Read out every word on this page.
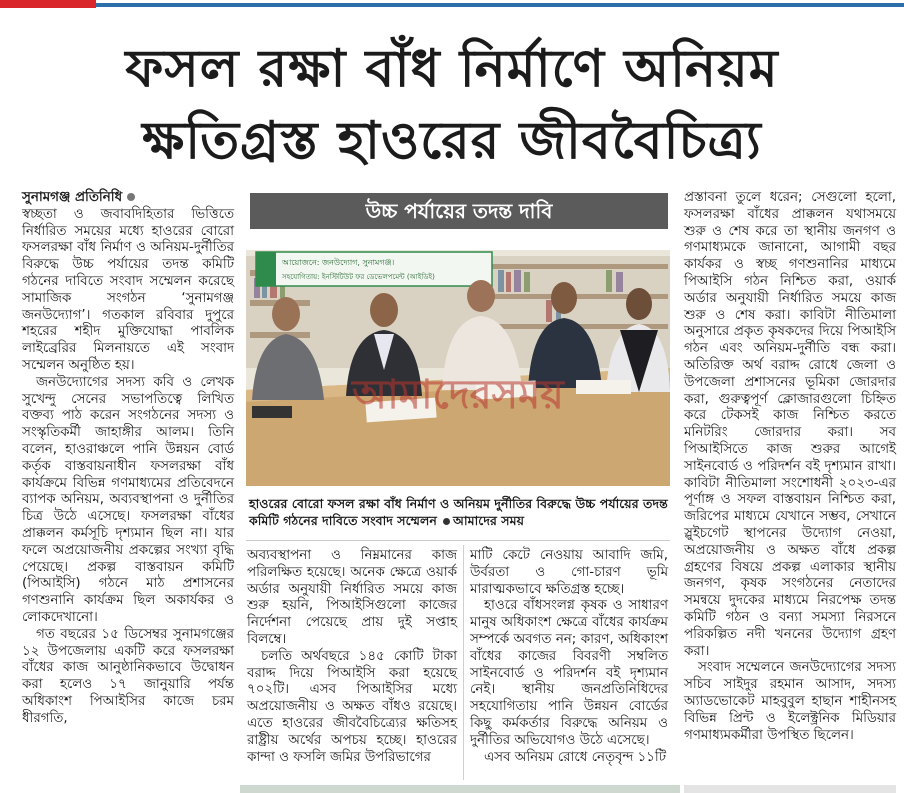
ফসল রক্ষা বাঁধ নির্মাণে অনিয়ম
ক্ষতিগ্রস্ত হাওরের জীববৈচিত্র্য

সুনামগঞ্জ প্রতিনিধি

স্বচ্ছতা ও জবাবদিহিতার ভিত্তিতে নির্ধারিত সময়ের মধ্যে হাওরের বোরো ফসলরক্ষা বাঁধ নির্মাণ ও অনিয়ম-দুর্নীতির বিরুদ্ধে উচ্চ পর্যায়ের তদন্ত কমিটি গঠনের দাবিতে সংবাদ সম্মেলন করেছে সামাজিক সংগঠন ‘সুনামগঞ্জ জনউদ্যোগ’। গতকাল রবিবার দুপুরে শহরের শহীদ মুক্তিযোদ্ধা পাবলিক লাইব্রেরির মিলনায়তে এই সংবাদ সম্মেলন অনুষ্ঠিত হয়।

জনউদ্যোগের সদস্য কবি ও লেখক সুখেন্দু সেনের সভাপতিত্বে লিখিত বক্তব্য পাঠ করেন সংগঠনের সদস্য ও সংস্কৃতিকর্মী জাহাঙ্গীর আলম। তিনি বলেন, হাওরাঞ্চলে পানি উন্নয়ন বোর্ড কর্তৃক বাস্তবায়নাধীন ফসলরক্ষা বাঁধ কার্যক্রমে বিভিন্ন গণমাধ্যমের প্রতিবেদনে ব্যাপক অনিয়ম, অব্যবস্থাপনা ও দুর্নীতির চিত্র উঠে এসেছে। ফসলরক্ষা বাঁধের প্রাক্কলন কর্মসূচি দৃশ্যমান ছিল না। যার ফলে অপ্রয়োজনীয় প্রকল্পের সংখ্যা বৃদ্ধি পেয়েছে। প্রকল্প বাস্তবায়ন কমিটি (পিআইসি) গঠনে মাঠ প্রশাসনের গণশুনানি কার্যক্রম ছিল অকার্যকর ও লোকদেখানো।

গত বছরের ১৫ ডিসেম্বর সুনামগঞ্জের ১২ উপজেলায় একটি করে ফসলরক্ষা বাঁধের কাজ আনুষ্ঠানিকভাবে উদ্বোধন করা হলেও ১৭ জানুয়ারি পর্যন্ত অধিকাংশ পিআইসির কাজে চরম ধীরগতি,

উচ্চ পর্যায়ের তদন্ত দাবি
আয়োজনে: জনউদ্যোগ, সুনামগঞ্জ।
সহযোগিতায়: ইনস্টিটিউট ফর ডেভেলপমেন্ট (আইডিই)
আমাদেরসময়
হাওরের বোরো ফসল রক্ষা বাঁধ নির্মাণ ও অনিয়ম দুর্নীতির বিরুদ্ধে উচ্চ পর্যায়ের তদন্ত কমিটি গঠনের দাবিতে সংবাদ সম্মেলন আমাদের সময়

অব্যবস্থাপনা ও নিম্নমানের কাজ পরিলক্ষিত হয়েছে। অনেক ক্ষেত্রে ওয়ার্ক অর্ডার অনুযায়ী নির্ধারিত সময়ে কাজ শুরু হয়নি, পিআইসিগুলো কাজের নির্দেশনা পেয়েছে প্রায় দুই সপ্তাহ বিলম্বে।

চলতি অর্থবছরে ১৪৫ কোটি টাকা বরাদ্দ দিয়ে পিআইসি করা হয়েছে ৭০২টি। এসব পিআইসির মধ্যে অপ্রয়োজনীয় ও অক্ষত বাঁধও রয়েছে। এতে হাওরের জীববৈচিত্র্যের ক্ষতিসহ রাষ্ট্রীয় অর্থের অপচয় হচ্ছে। হাওরের কান্দা ও ফসলি জমির উপরিভাগের

মাটি কেটে নেওয়ায় আবাদি জমি, উর্বরতা ও গো-চারণ ভূমি মারাত্মকভাবে ক্ষতিগ্রস্ত হচ্ছে।

হাওরে বাঁধসংলগ্ন কৃষক ও সাধারণ মানুষ অধিকাংশ ক্ষেত্রে বাঁধের কার্যক্রম সম্পর্কে অবগত নন; কারণ, অধিকাংশ বাঁধের কাজের বিবরণী সম্বলিত সাইনবোর্ড ও পরিদর্শন বই দৃশ্যমান নেই। স্থানীয় জনপ্রতিনিধিদের সহযোগিতায় পানি উন্নয়ন বোর্ডের কিছু কর্মকর্তার বিরুদ্ধে অনিয়ম ও দুর্নীতির অভিযোগও উঠে এসেছে।

এসব অনিয়ম রোধে নেতৃবৃন্দ ১১টি

প্রস্তাবনা তুলে ধরেন; সেগুলো হলো, ফসলরক্ষা বাঁধের প্রাক্কলন যথাসময়ে শুরু ও শেষ করে তা স্থানীয় জনগণ ও গণমাধ্যমকে জানানো, আগামী বছর কার্যকর ও স্বচ্ছ গণশুনানির মাধ্যমে পিআইসি গঠন নিশ্চিত করা, ওয়ার্ক অর্ডার অনুযায়ী নির্ধারিত সময়ে কাজ শুরু ও শেষ করা। কাবিটা নীতিমালা অনুসারে প্রকৃত কৃষকদের দিয়ে পিআইসি গঠন এবং অনিয়ম-দুর্নীতি বন্ধ করা। অতিরিক্ত অর্থ বরাদ্দ রোধে জেলা ও উপজেলা প্রশাসনের ভূমিকা জোরদার করা, গুরুত্বপূর্ণ ক্লোজারগুলো চিহ্নিত করে টেকসই কাজ নিশ্চিত করতে মনিটরিং জোরদার করা। সব পিআইসিতে কাজ শুরুর আগেই সাইনবোর্ড ও পরিদর্শন বই দৃশ্যমান রাখা। কাবিটা নীতিমালা সংশোধনী ২০২৩-এর পূর্ণাঙ্গ ও সফল বাস্তবায়ন নিশ্চিত করা, জরিপের মাধ্যমে যেখানে সম্ভব, সেখানে স্লুইচগেট স্থাপনের উদ্যোগ নেওয়া, অপ্রয়োজনীয় ও অক্ষত বাঁধে প্রকল্প গ্রহণের বিষয়ে প্রকল্প এলাকার স্থানীয় জনগণ, কৃষক সংগঠনের নেতাদের সমন্বয়ে দুদকের মাধ্যমে নিরপেক্ষ তদন্ত কমিটি গঠন ও বন্যা সমস্যা নিরসনে পরিকল্পিত নদী খননের উদ্যোগ গ্রহণ করা।

সংবাদ সম্মেলনে জনউদ্যোগের সদস্য সচিব সাইদুর রহমান আসাদ, সদস্য অ্যাডভোকেট মাহবুবুল হাছান শাহীনসহ বিভিন্ন প্রিন্ট ও ইলেক্ট্রনিক মিডিয়ার গণমাধ্যমকর্মীরা উপস্থিত ছিলেন।
